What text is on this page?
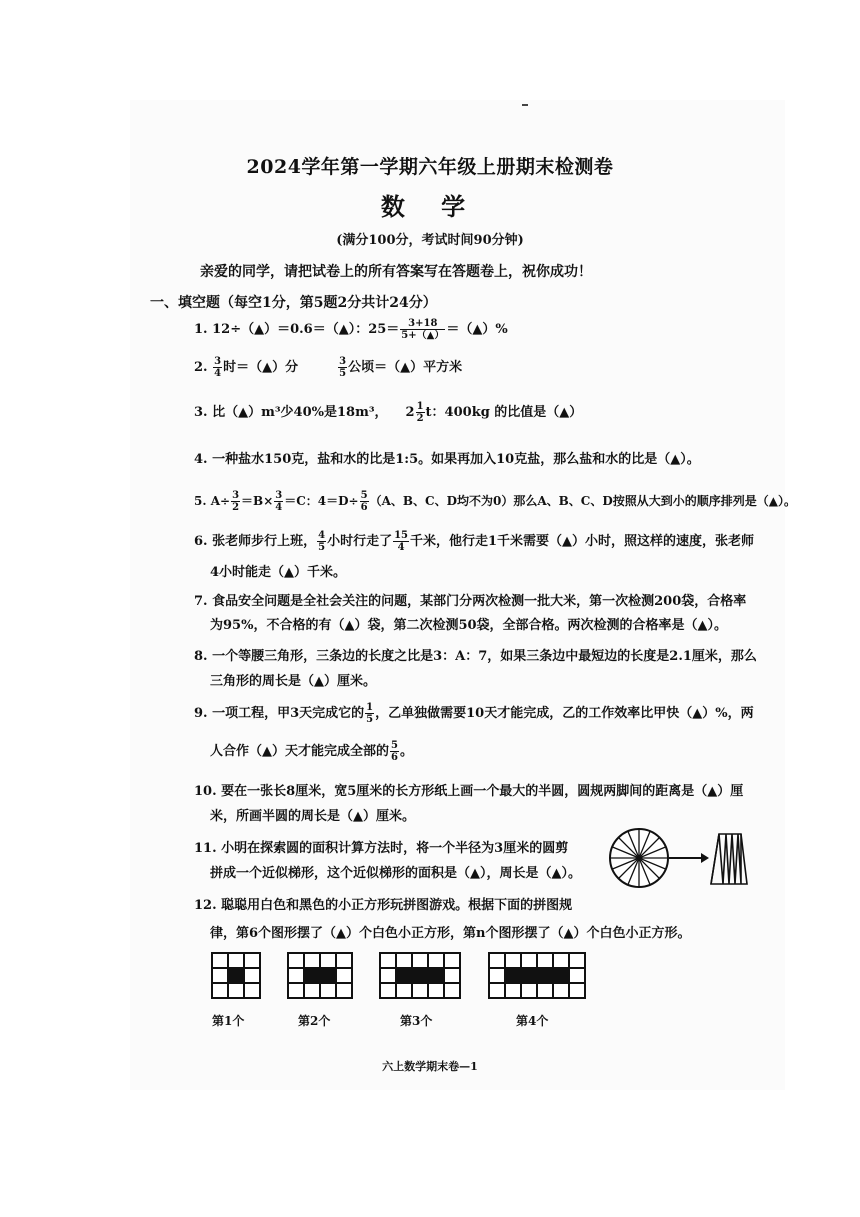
2024学年第一学期六年级上册期末检测卷
数 学
(满分100分，考试时间90分钟)
亲爱的同学，请把试卷上的所有答案写在答题卷上，祝你成功！
一、填空题（每空1分，第5题2分共计24分）
1. 12÷（▲）＝0.6＝（▲）：$25= \frac{3+18}{5+(▲)}$ ＝（▲）%
2. $\frac{3}{4}$ 时＝（▲）分	$\frac{3}{5}$ 公顷＝（▲）平方米
3. 比（▲）m³少40%是18m³， $2 \frac{1}{2}$ t：400kg 的比值是（▲）
4. 一种盐水150克，盐和水的比是1:5。如果再加入10克盐，那么盐和水的比是（▲）。
5. $A\div \frac{3}{2} =B\times \frac{3}{4} =C$：$4=D\div \frac{5}{6} (A$、B、C、D均不为0）那么A、B、C、D按照从大到小的顺序排列是（▲）。
6. 张老师步行上班， $\frac{4}{5}$ 小时行走了 $\frac{15}{4}$ 千米，他行走1千米需要（▲）小时，照这样的速度，张老师
4小时能走（▲）千米。
7. 食品安全问题是全社会关注的问题，某部门分两次检测一批大米，第一次检测200袋，合格率
为95%，不合格的有（▲）袋，第二次检测50袋，全部合格。两次检测的合格率是（▲）。
8. 一个等腰三角形，三条边的长度之比是3：A：7，如果三条边中最短边的长度是2.1厘米，那么
三角形的周长是（▲）厘米。
9. 一项工程，甲3天完成它的 $\frac{1}{5}$ ，乙单独做需要10天才能完成，乙的工作效率比甲快（▲）%，两
人合作（▲）天才能完成全部的 $\frac{5}{6}$ 。
10. 要在一张长8厘米，宽5厘米的长方形纸上画一个最大的半圆，圆规两脚间的距离是（▲）厘
米，所画半圆的周长是（▲）厘米。
11. 小明在探索圆的面积计算方法时，将一个半径为3厘米的圆剪
拼成一个近似梯形，这个近似梯形的面积是（▲），周长是（▲）。
12. 聪聪用白色和黑色的小正方形玩拼图游戏。根据下面的拼图规
律，第6个图形摆了（▲）个白色小正方形，第n个图形摆了（▲）个白色小正方形。

第1个	第2个	第3个	第4个
六上数学期末卷—1
